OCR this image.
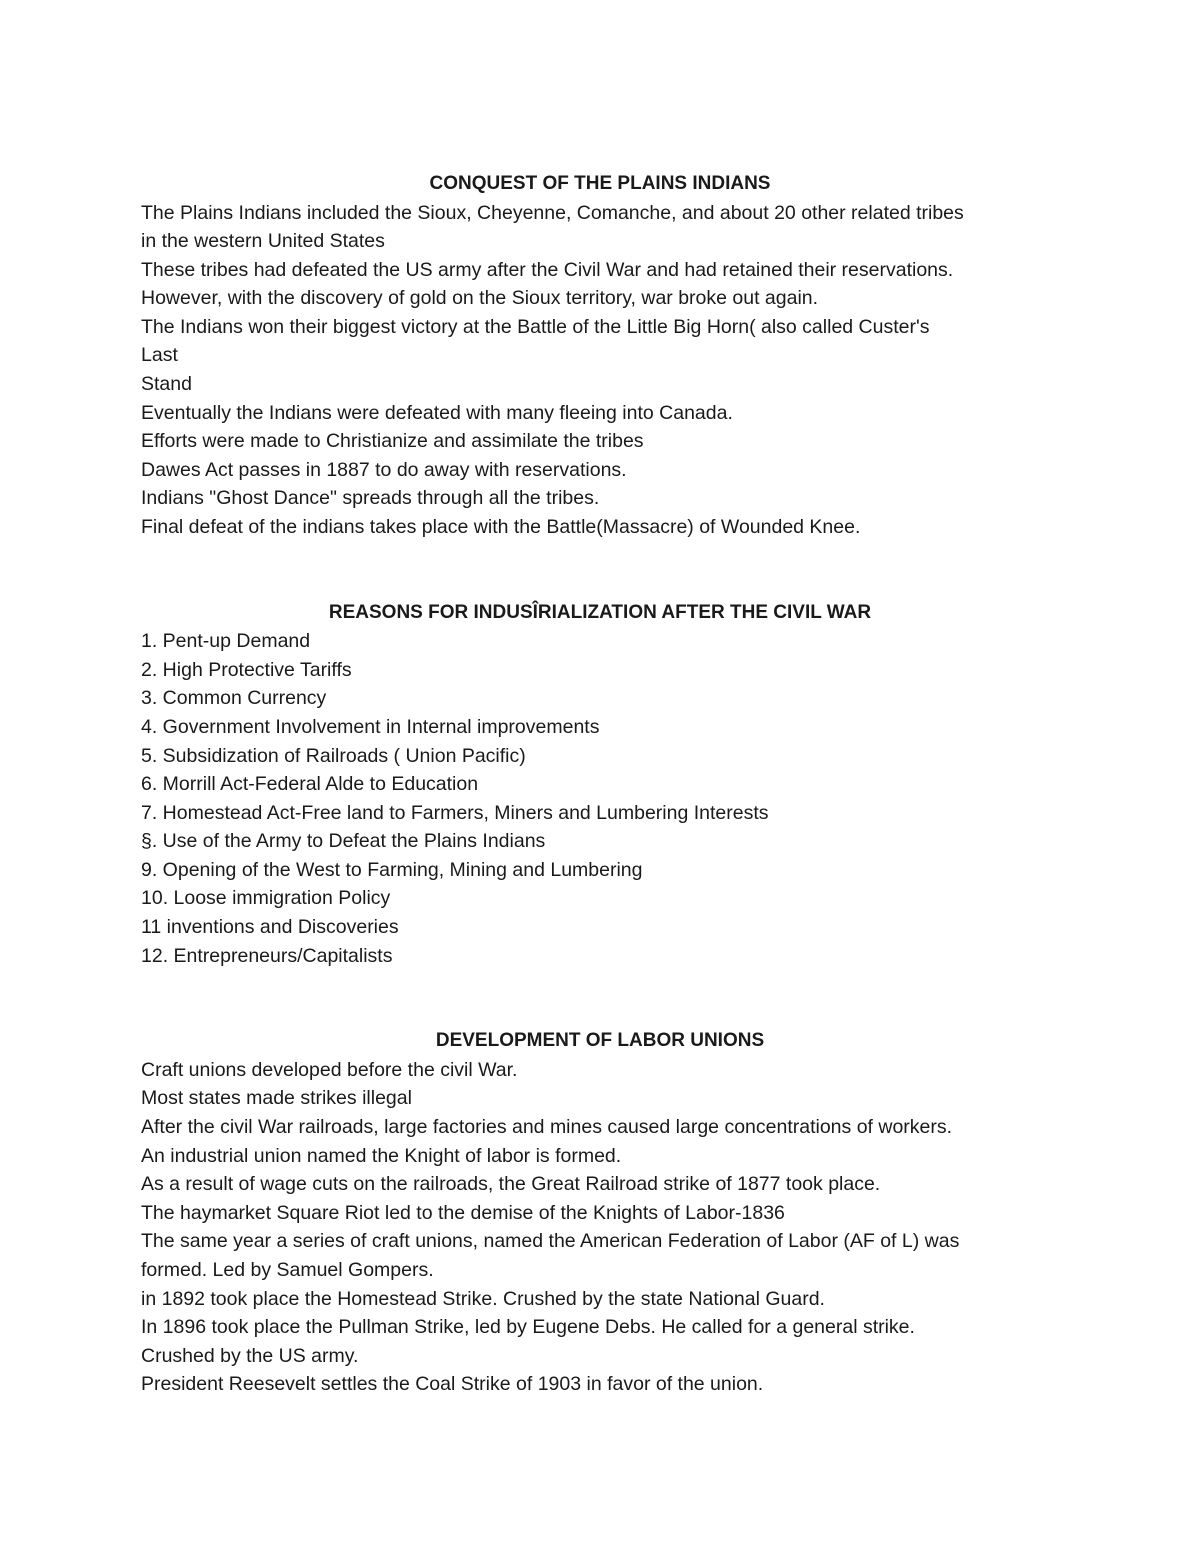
CONQUEST OF THE PLAINS INDIANS
The Plains Indians included the Sioux, Cheyenne, Comanche, and about 20 other related tribes
in the western United States
These tribes had defeated the US army after the Civil War and had retained their reservations.
However, with the discovery of gold on the Sioux territory, war broke out again.
The Indians won their biggest victory at the Battle of the Little Big Horn( also called Custer's
Last
Stand
Eventually the Indians were defeated with many fleeing into Canada.
Efforts were made to Christianize and assimilate the tribes
Dawes Act passes in 1887 to do away with reservations.
Indians "Ghost Dance" spreads through all the tribes.
Final defeat of the indians takes place with the Battle(Massacre) of Wounded Knee.
REASONS FOR INDUSÎRIALIZATION AFTER THE CIVIL WAR
1. Pent-up Demand
2. High Protective Tariffs
3. Common Currency
4. Government Involvement in Internal improvements
5. Subsidization of Railroads ( Union Pacific)
6. Morrill Act-Federal Alde to Education
7. Homestead Act-Free land to Farmers, Miners and Lumbering Interests
§. Use of the Army to Defeat the Plains Indians
9. Opening of the West to Farming, Mining and Lumbering
10. Loose immigration Policy
11 inventions and Discoveries
12. Entrepreneurs/Capitalists
DEVELOPMENT OF LABOR UNIONS
Craft unions developed before the civil War.
Most states made strikes illegal
After the civil War railroads, large factories and mines caused large concentrations of workers.
An industrial union named the Knight of labor is formed.
As a result of wage cuts on the railroads, the Great Railroad strike of 1877 took place.
The haymarket Square Riot led to the demise of the Knights of Labor-1836
The same year a series of craft unions, named the American Federation of Labor (AF of L) was
formed. Led by Samuel Gompers.
in 1892 took place the Homestead Strike. Crushed by the state National Guard.
In 1896 took place the Pullman Strike, led by Eugene Debs. He called for a general strike.
Crushed by the US army.
President Reesevelt settles the Coal Strike of 1903 in favor of the union.
